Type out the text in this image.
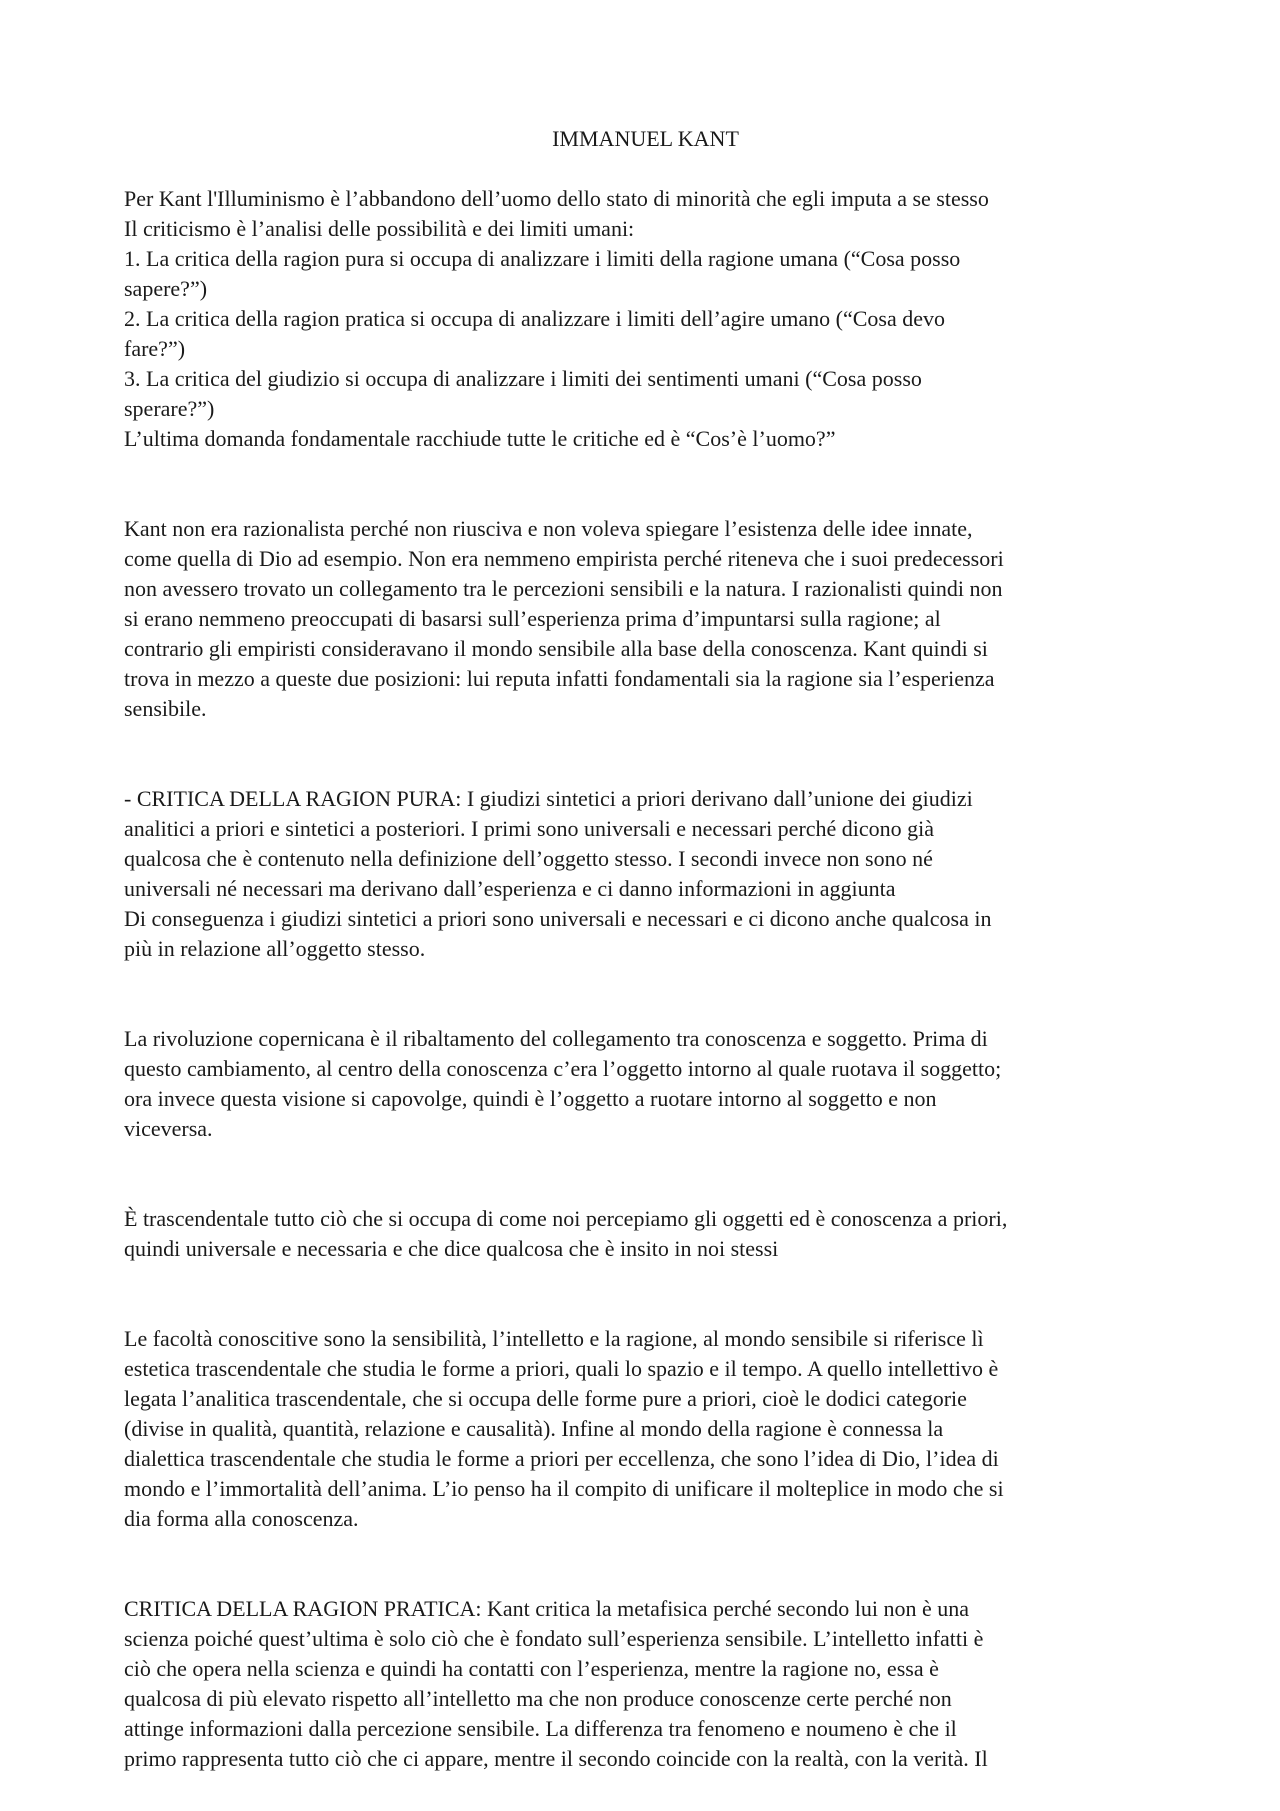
IMMANUEL KANT
Per Kant l'Illuminismo è l’abbandono dell’uomo dello stato di minorità che egli imputa a se stesso
Il criticismo è l’analisi delle possibilità e dei limiti umani:
1. La critica della ragion pura si occupa di analizzare i limiti della ragione umana (“Cosa posso
sapere?”)
2. La critica della ragion pratica si occupa di analizzare i limiti dell’agire umano (“Cosa devo
fare?”)
3. La critica del giudizio si occupa di analizzare i limiti dei sentimenti umani (“Cosa posso
sperare?”)
L’ultima domanda fondamentale racchiude tutte le critiche ed è “Cos’è l’uomo?”
Kant non era razionalista perché non riusciva e non voleva spiegare l’esistenza delle idee innate,
come quella di Dio ad esempio. Non era nemmeno empirista perché riteneva che i suoi predecessori
non avessero trovato un collegamento tra le percezioni sensibili e la natura. I razionalisti quindi non
si erano nemmeno preoccupati di basarsi sull’esperienza prima d’impuntarsi sulla ragione; al
contrario gli empiristi consideravano il mondo sensibile alla base della conoscenza. Kant quindi si
trova in mezzo a queste due posizioni: lui reputa infatti fondamentali sia la ragione sia l’esperienza
sensibile.
- CRITICA DELLA RAGION PURA: I giudizi sintetici a priori derivano dall’unione dei giudizi
analitici a priori e sintetici a posteriori. I primi sono universali e necessari perché dicono già
qualcosa che è contenuto nella definizione dell’oggetto stesso. I secondi invece non sono né
universali né necessari ma derivano dall’esperienza e ci danno informazioni in aggiunta
Di conseguenza i giudizi sintetici a priori sono universali e necessari e ci dicono anche qualcosa in
più in relazione all’oggetto stesso.
La rivoluzione copernicana è il ribaltamento del collegamento tra conoscenza e soggetto. Prima di
questo cambiamento, al centro della conoscenza c’era l’oggetto intorno al quale ruotava il soggetto;
ora invece questa visione si capovolge, quindi è l’oggetto a ruotare intorno al soggetto e non
viceversa.
È trascendentale tutto ciò che si occupa di come noi percepiamo gli oggetti ed è conoscenza a priori,
quindi universale e necessaria e che dice qualcosa che è insito in noi stessi
Le facoltà conoscitive sono la sensibilità, l’intelletto e la ragione, al mondo sensibile si riferisce lì
estetica trascendentale che studia le forme a priori, quali lo spazio e il tempo. A quello intellettivo è
legata l’analitica trascendentale, che si occupa delle forme pure a priori, cioè le dodici categorie
(divise in qualità, quantità, relazione e causalità). Infine al mondo della ragione è connessa la
dialettica trascendentale che studia le forme a priori per eccellenza, che sono l’idea di Dio, l’idea di
mondo e l’immortalità dell’anima. L’io penso ha il compito di unificare il molteplice in modo che si
dia forma alla conoscenza.
CRITICA DELLA RAGION PRATICA: Kant critica la metafisica perché secondo lui non è una
scienza poiché quest’ultima è solo ciò che è fondato sull’esperienza sensibile. L’intelletto infatti è
ciò che opera nella scienza e quindi ha contatti con l’esperienza, mentre la ragione no, essa è
qualcosa di più elevato rispetto all’intelletto ma che non produce conoscenze certe perché non
attinge informazioni dalla percezione sensibile. La differenza tra fenomeno e noumeno è che il
primo rappresenta tutto ciò che ci appare, mentre il secondo coincide con la realtà, con la verità. Il
